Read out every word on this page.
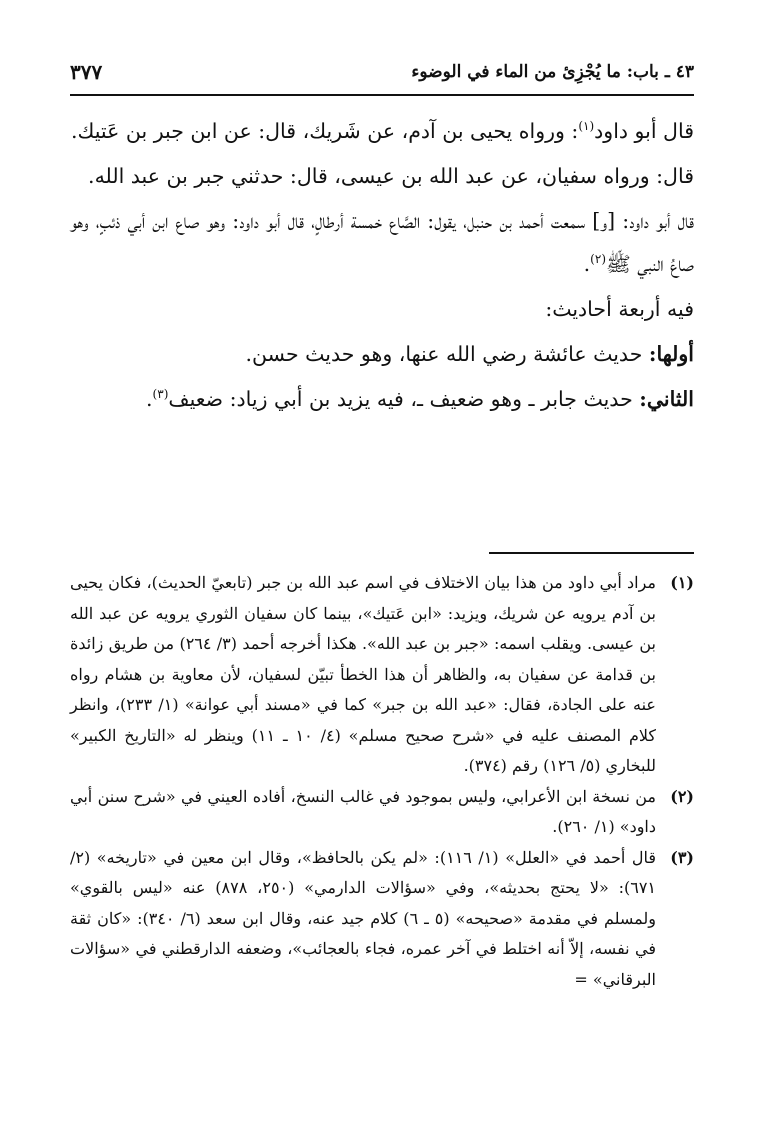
٤٣ ـ باب: ما يُجْزِئ من الماء في الوضوء
٣٧٧

قال أبو داود$^{(١)}$: ورواه يحيى بن آدم، عن شَريك، قال: عن ابن جبر بن عَتيك.

قال: ورواه سفيان، عن عبد الله بن عيسى، قال: حدثني جبر بن عبد الله.

قال أبو داود: [و] سمعت أحمد بن حنبل، يقول: الصَّاع خمسة أرطالٍ، قال أبو داود: وهو صاع ابن أبي ذئبٍ، وهو صاعُ النبي ﷺ$^{(٢)}$.

فيه أربعة أحاديث:

أولها: حديث عائشة رضي الله عنها، وهو حديث حسن.

الثاني: حديث جابر ـ وهو ضعيف ـ، فيه يزيد بن أبي زياد: ضعيف$^{(٣)}$.

(١)
مراد أبي داود من هذا بيان الاختلاف في اسم عبد الله بن جبر (تابعيّ الحديث)، فكان يحيى بن آدم يرويه عن شريك، ويزيد: «ابن عَتيك»، بينما كان سفيان الثوري يرويه عن عبد الله بن عيسى. ويقلب اسمه: «جبر بن عبد الله». هكذا أخرجه أحمد (٣/ ٢٦٤) من طريق زائدة بن قدامة عن سفيان به، والظاهر أن هذا الخطأ تبيّن لسفيان، لأن معاوية بن هشام رواه عنه على الجادة، فقال: «عبد الله بن جبر» كما في «مسند أبي عوانة» (١/ ٢٣٣)، وانظر كلام المصنف عليه في «شرح صحيح مسلم» (٤/ ١٠ ـ ١١) وينظر له «التاريخ الكبير» للبخاري (٥/ ١٢٦) رقم (٣٧٤).
(٢)
من نسخة ابن الأعرابي، وليس بموجود في غالب النسخ، أفاده العيني في «شرح سنن أبي داود» (١/ ٢٦٠).
(٣)
قال أحمد في «العلل» (١/ ١١٦): «لم يكن بالحافظ»، وقال ابن معين في «تاريخه» (٢/ ٦٧١): «لا يحتج بحديثه»، وفي «سؤالات الدارمي» (٢٥٠، ٨٧٨) عنه «ليس بالقوي» ولمسلم في مقدمة «صحيحه» (٥ ـ ٦) كلام جيد عنه، وقال ابن سعد (٦/ ٣٤٠): «كان ثقة في نفسه، إلاّ أنه اختلط في آخر عمره، فجاء بالعجائب»، وضعفه الدارقطني في «سؤالات البرقاني» =
